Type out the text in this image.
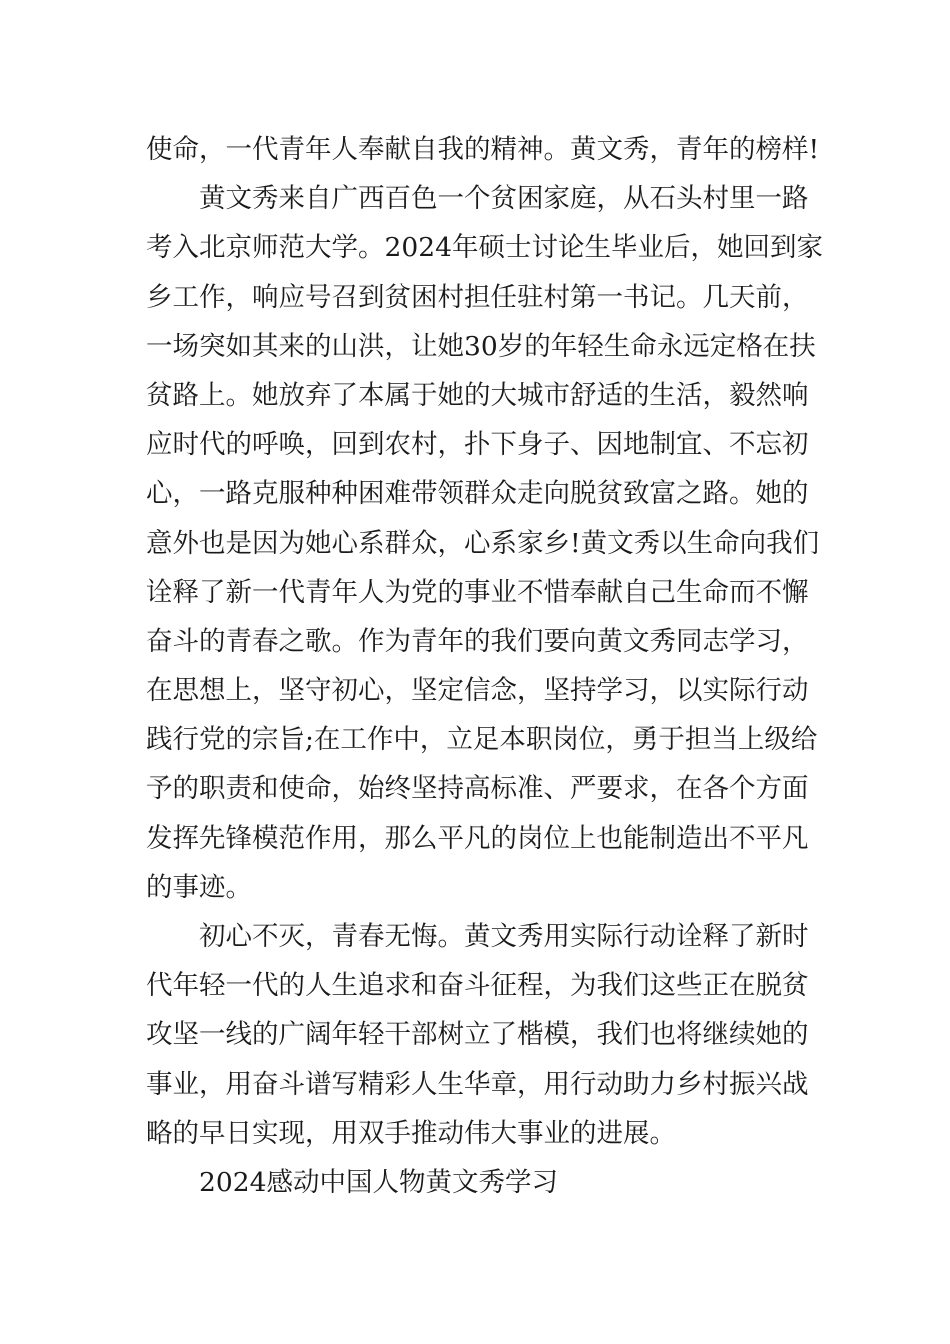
使命，一代青年人奉献自我的精神。黄文秀，青年的榜样!
黄文秀来自广西百色一个贫困家庭，从石头村里一路
考入北京师范大学。2024年硕士讨论生毕业后，她回到家
乡工作，响应号召到贫困村担任驻村第一书记。几天前，
一场突如其来的山洪，让她30岁的年轻生命永远定格在扶
贫路上。她放弃了本属于她的大城市舒适的生活，毅然响
应时代的呼唤，回到农村，扑下身子、因地制宜、不忘初
心，一路克服种种困难带领群众走向脱贫致富之路。她的
意外也是因为她心系群众，心系家乡!黄文秀以生命向我们
诠释了新一代青年人为党的事业不惜奉献自己生命而不懈
奋斗的青春之歌。作为青年的我们要向黄文秀同志学习，
在思想上，坚守初心，坚定信念，坚持学习，以实际行动
践行党的宗旨;在工作中，立足本职岗位，勇于担当上级给
予的职责和使命，始终坚持高标准、严要求，在各个方面
发挥先锋模范作用，那么平凡的岗位上也能制造出不平凡
的事迹。
初心不灭，青春无悔。黄文秀用实际行动诠释了新时
代年轻一代的人生追求和奋斗征程，为我们这些正在脱贫
攻坚一线的广阔年轻干部树立了楷模，我们也将继续她的
事业，用奋斗谱写精彩人生华章，用行动助力乡村振兴战
略的早日实现，用双手推动伟大事业的进展。
2024感动中国人物黄文秀学习
